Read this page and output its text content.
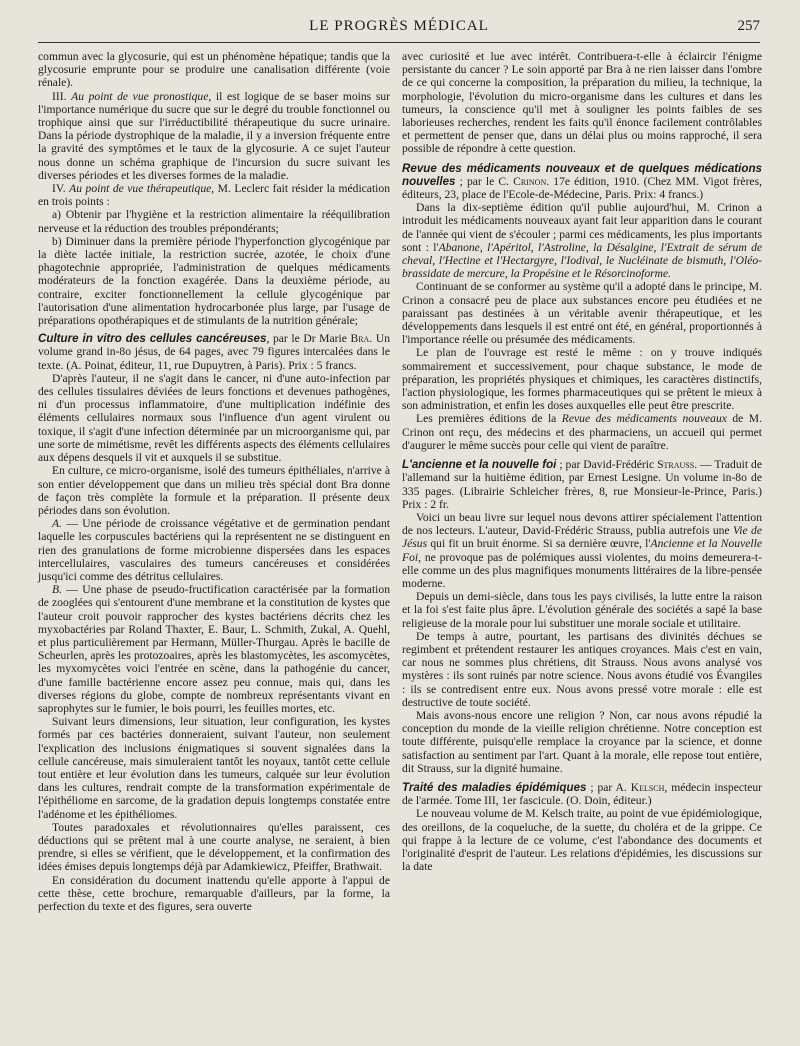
LE PROGRÈS MÉDICAL	257

commun avec la glycosurie, qui est un phénomène hépatique; tandis que la glycosurie emprunte pour se produire une canalisation différente (voie rénale).

III. Au point de vue pronostique, il est logique de se baser moins sur l'importance numérique du sucre que sur le degré du trouble fonctionnel ou trophique ainsi que sur l'irréductibilité thérapeutique du sucre urinaire. Dans la période dystrophique de la maladie, il y a inversion fréquente entre la gravité des symptômes et le taux de la glycosurie. A ce sujet l'auteur nous donne un schéma graphique de l'incursion du sucre suivant les diverses périodes et les diverses formes de la maladie.

IV. Au point de vue thérapeutique, M. Leclerc fait résider la médication en trois points :

a) Obtenir par l'hygiène et la restriction alimentaire la rééquilibration nerveuse et la réduction des troubles prépondérants;

b) Diminuer dans la première période l'hyperfonction glycogénique par la diète lactée initiale, la restriction sucrée, azotée, le choix d'une phagotechnie appropriée, l'administration de quelques médicaments modérateurs de la fonction exagérée. Dans la deuxième période, au contraire, exciter fonctionnellement la cellule glycogénique par l'autorisation d'une alimentation hydrocarbonée plus large, par l'usage de préparations opothérapiques et de stimulants de la nutrition générale;

Culture in vitro des cellules cancéreuses, par le Dr Marie Bra. Un volume grand in-8o jésus, de 64 pages, avec 79 figures intercalées dans le texte. (A. Poinat, éditeur, 11, rue Dupuytren, à Paris). Prix : 5 francs.

D'après l'auteur, il ne s'agit dans le cancer, ni d'une auto-infection par des cellules tissulaires déviées de leurs fonctions et devenues pathogènes, ni d'un processus inflammatoire, d'une multiplication indéfinie des éléments cellulaires normaux sous l'influence d'un agent virulent ou toxique, il s'agit d'une infection déterminée par un microorganisme qui, par une sorte de mimétisme, revêt les différents aspects des éléments cellulaires aux dépens desquels il vit et auxquels il se substitue.

En culture, ce micro-organisme, isolé des tumeurs épithéliales, n'arrive à son entier développement que dans un milieu très spécial dont Bra donne de façon très complète la formule et la préparation. Il présente deux périodes dans son évolution.

A. — Une période de croissance végétative et de germination pendant laquelle les corpuscules bactériens qui la représentent ne se distinguent en rien des granulations de forme microbienne dispersées dans les espaces intercellulaires, vasculaires des tumeurs cancéreuses et considérées jusqu'ici comme des détritus cellulaires.

B. — Une phase de pseudo-fructification caractérisée par la formation de zooglées qui s'entourent d'une membrane et la constitution de kystes que l'auteur croit pouvoir rapprocher des kystes bactériens décrits chez les myxobactéries par Roland Thaxter, E. Baur, L. Schmith, Zukal, A. Quehl, et plus particulièrement par Hermann, Müller-Thurgau. Après le bacille de Scheurlen, après les protozoaires, après les blastomycètes, les ascomycètes, les myxomycètes voici l'entrée en scène, dans la pathogénie du cancer, d'une famille bactérienne encore assez peu connue, mais qui, dans les diverses régions du globe, compte de nombreux représentants vivant en saprophytes sur le fumier, le bois pourri, les feuilles mortes, etc.

Suivant leurs dimensions, leur situation, leur configuration, les kystes formés par ces bactéries donneraient, suivant l'auteur, non seulement l'explication des inclusions énigmatiques si souvent signalées dans la cellule cancéreuse, mais simuleraient tantôt les noyaux, tantôt cette cellule tout entière et leur évolution dans les tumeurs, calquée sur leur évolution dans les cultures, rendrait compte de la transformation expérimentale de l'épithéliome en sarcome, de la gradation depuis longtemps constatée entre l'adénome et les épithéliomes.

Toutes paradoxales et révolutionnaires qu'elles paraissent, ces déductions qui se prêtent mal à une courte analyse, ne seraient, à bien prendre, si elles se vérifient, que le développement, et la confirmation des idées émises depuis longtemps déjà par Adamkiewicz, Pfeiffer, Brathwait.

En considération du document inattendu qu'elle apporte à l'appui de cette thèse, cette brochure, remarquable d'ailleurs, par la forme, la perfection du texte et des figures, sera ouverte

avec curiosité et lue avec intérêt. Contribuera-t-elle à éclaircir l'énigme persistante du cancer ? Le soin apporté par Bra à ne rien laisser dans l'ombre de ce qui concerne la composition, la préparation du milieu, la technique, la morphologie, l'évolution du micro-organisme dans les cultures et dans les tumeurs, la conscience qu'il met à souligner les points faibles de ses laborieuses recherches, rendent les faits qu'il énonce facilement contrôlables et permettent de penser que, dans un délai plus ou moins rapproché, il sera possible de répondre à cette question.

Revue des médicaments nouveaux et de quelques médications nouvelles ; par le C. Crinon. 17e édition, 1910. (Chez MM. Vigot frères, éditeurs, 23, place de l'Ecole-de-Médecine, Paris. Prix: 4 francs.)

Dans la dix-septième édition qu'il publie aujourd'hui, M. Crinon a introduit les médicaments nouveaux ayant fait leur apparition dans le courant de l'année qui vient de s'écouler ; parmi ces médicaments, les plus importants sont : l'Abanone, l'Apéritol, l'Astroline, la Désalgine, l'Extrait de sérum de cheval, l'Hectine et l'Hectargyre, l'Iodival, le Nucléinate de bismuth, l'Oléo-brassidate de mercure, la Propésine et le Résorcinoforme.

Continuant de se conformer au système qu'il a adopté dans le principe, M. Crinon a consacré peu de place aux substances encore peu étudiées et ne paraissant pas destinées à un véritable avenir thérapeutique, et les développements dans lesquels il est entré ont été, en général, proportionnés à l'importance réelle ou présumée des médicaments.

Le plan de l'ouvrage est resté le même : on y trouve indiqués sommairement et successivement, pour chaque substance, le mode de préparation, les propriétés physiques et chimiques, les caractères distinctifs, l'action physiologique, les formes pharmaceutiques qui se prêtent le mieux à son administration, et enfin les doses auxquelles elle peut être prescrite.

Les premières éditions de la Revue des médicaments nouveaux de M. Crinon ont reçu, des médecins et des pharmaciens, un accueil qui permet d'augurer le même succès pour celle qui vient de paraître.

L'ancienne et la nouvelle foi ; par David-Frédéric Strauss. — Traduit de l'allemand sur la huitième édition, par Ernest Lesigne. Un volume in-8o de 335 pages. (Librairie Schleicher frères, 8, rue Monsieur-le-Prince, Paris.) Prix : 2 fr.

Voici un beau livre sur lequel nous devons attirer spécialement l'attention de nos lecteurs. L'auteur, David-Frédéric Strauss, publia autrefois une Vie de Jésus qui fit un bruit énorme. Si sa dernière œuvre, l'Ancienne et la Nouvelle Foi, ne provoque pas de polémiques aussi violentes, du moins demeurera-t-elle comme un des plus magnifiques monuments littéraires de la libre-pensée moderne.

Depuis un demi-siècle, dans tous les pays civilisés, la lutte entre la raison et la foi s'est faite plus âpre. L'évolution générale des sociétés a sapé la base religieuse de la morale pour lui substituer une morale sociale et utilitaire.

De temps à autre, pourtant, les partisans des divinités déchues se regimbent et prétendent restaurer les antiques croyances. Mais c'est en vain, car nous ne sommes plus chrétiens, dit Strauss. Nous avons analysé vos mystères : ils sont ruinés par notre science. Nous avons étudié vos Évangiles : ils se contredisent entre eux. Nous avons pressé votre morale : elle est destructive de toute société.

Mais avons-nous encore une religion ? Non, car nous avons répudié la conception du monde de la vieille religion chrétienne. Notre conception est toute différente, puisqu'elle remplace la croyance par la science, et donne satisfaction au sentiment par l'art. Quant à la morale, elle repose tout entière, dit Strauss, sur la dignité humaine.

Traité des maladies épidémiques ; par A. Kelsch, médecin inspecteur de l'armée. Tome III, 1er fascicule. (O. Doin, éditeur.)

Le nouveau volume de M. Kelsch traite, au point de vue épidémiologique, des oreillons, de la coqueluche, de la suette, du choléra et de la grippe. Ce qui frappe à la lecture de ce volume, c'est l'abondance des documents et l'originalité d'esprit de l'auteur. Les relations d'épidémies, les discussions sur la date
